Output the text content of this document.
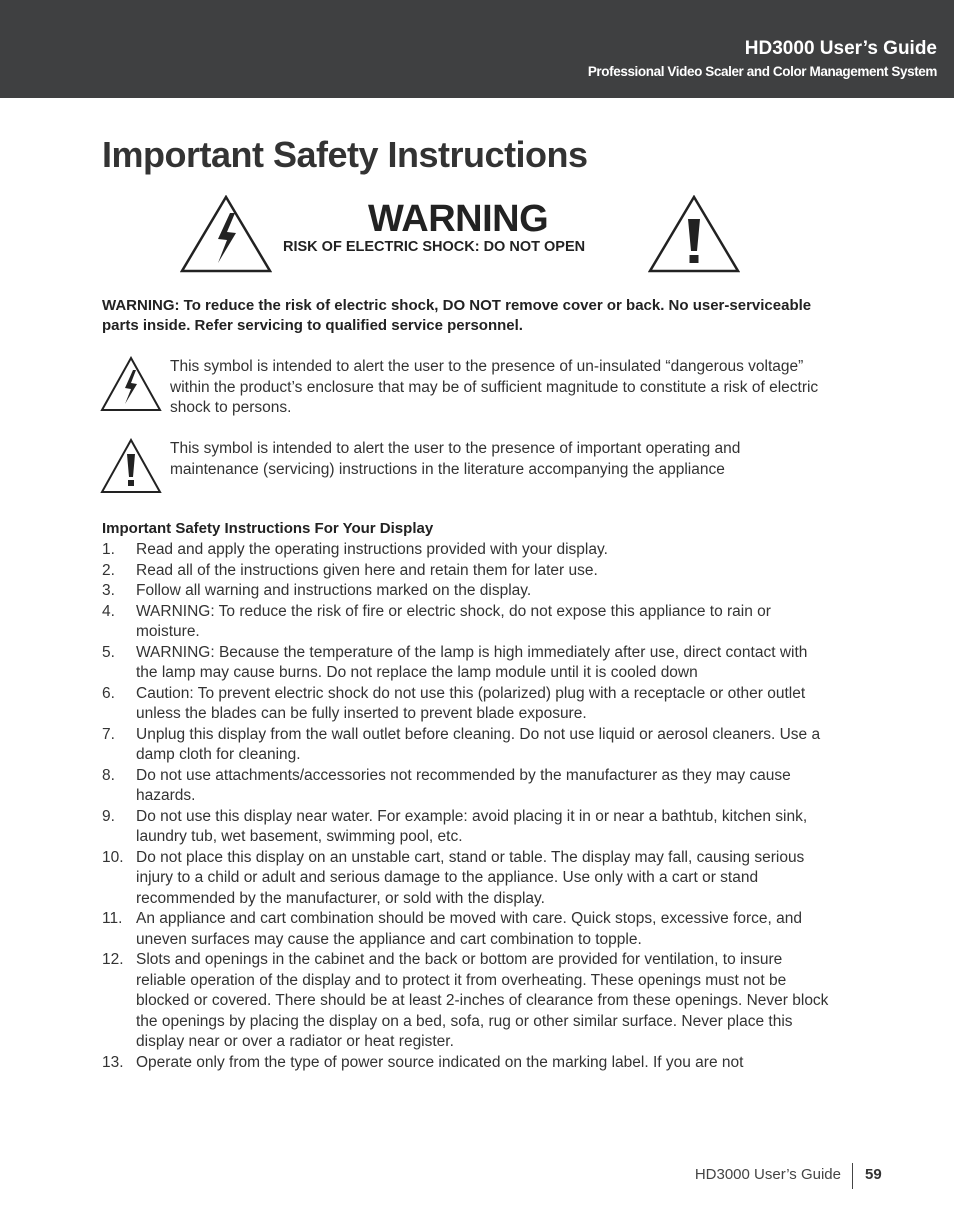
HD3000 User’s Guide
Professional Video Scaler and Color Management System
Important Safety Instructions
WARNING
RISK OF ELECTRIC SHOCK: DO NOT OPEN
WARNING: To reduce the risk of electric shock, DO NOT remove cover or back. No user-serviceable parts inside. Refer servicing to qualified service personnel.
This symbol is intended to alert the user to the presence of un-insulated “dangerous voltage” within the product’s enclosure that may be of sufficient magnitude to constitute a risk of electric shock to persons.
This symbol is intended to alert the user to the presence of important operating and maintenance (servicing) instructions in the literature accompanying the appliance
Important Safety Instructions For Your Display
1. Read and apply the operating instructions provided with your display.
2. Read all of the instructions given here and retain them for later use.
3. Follow all warning and instructions marked on the display.
4. WARNING: To reduce the risk of fire or electric shock, do not expose this appliance to rain or moisture.
5. WARNING: Because the temperature of the lamp is high immediately after use, direct contact with the lamp may cause burns. Do not replace the lamp module until it is cooled down
6. Caution: To prevent electric shock do not use this (polarized) plug with a receptacle or other outlet unless the blades can be fully inserted to prevent blade exposure.
7. Unplug this display from the wall outlet before cleaning. Do not use liquid or aerosol cleaners. Use a damp cloth for cleaning.
8. Do not use attachments/accessories not recommended by the manufacturer as they may cause hazards.
9. Do not use this display near water. For example: avoid placing it in or near a bathtub, kitchen sink, laundry tub, wet basement, swimming pool, etc.
10. Do not place this display on an unstable cart, stand or table. The display may fall, causing serious injury to a child or adult and serious damage to the appliance. Use only with a cart or stand recommended by the manufacturer, or sold with the display.
11. An appliance and cart combination should be moved with care. Quick stops, excessive force, and uneven surfaces may cause the appliance and cart combination to topple.
12. Slots and openings in the cabinet and the back or bottom are provided for ventilation, to insure reliable operation of the display and to protect it from overheating. These openings must not be blocked or covered. There should be at least 2-inches of clearance from these openings. Never block the openings by placing the display on a bed, sofa, rug or other similar surface. Never place this display near or over a radiator or heat register.
13. Operate only from the type of power source indicated on the marking label. If you are not
HD3000 User’s Guide 59
